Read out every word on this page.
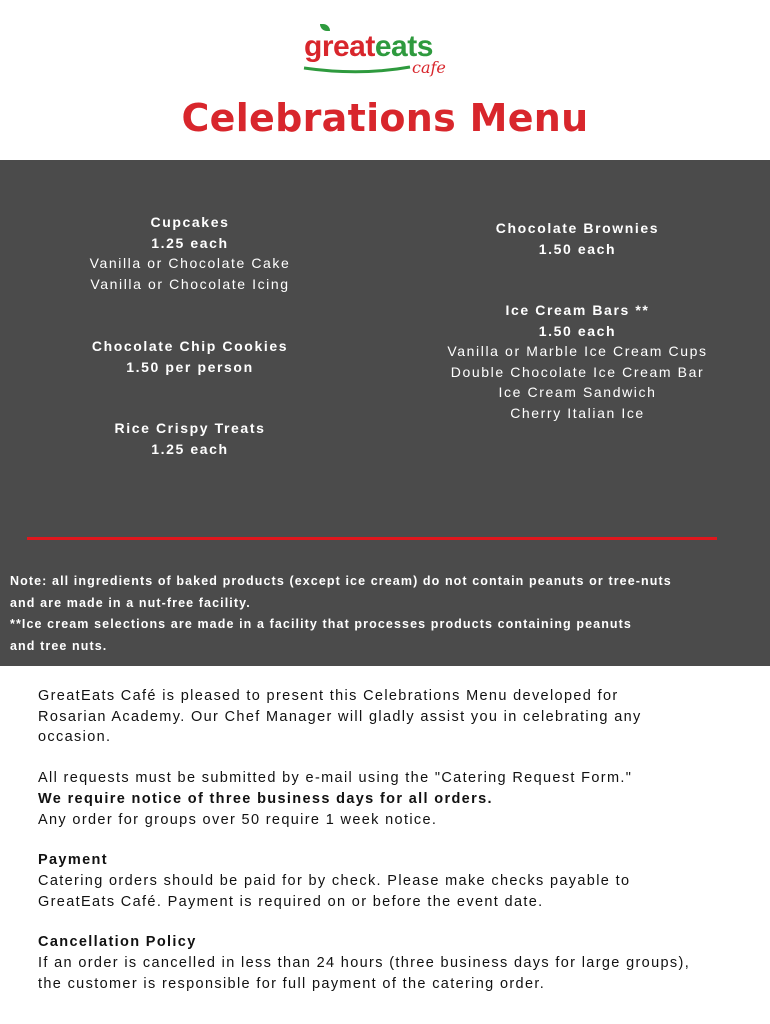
greateats
cafe
Celebrations Menu
Cupcakes
1.25 each
Vanilla or Chocolate Cake
Vanilla or Chocolate Icing
Chocolate Chip Cookies
1.50 per person
Rice Crispy Treats
1.25 each
Chocolate Brownies
1.50 each
Ice Cream Bars **
1.50 each
Vanilla or Marble Ice Cream Cups
Double Chocolate Ice Cream Bar
Ice Cream Sandwich
Cherry Italian Ice
Note: all ingredients of baked products (except ice cream) do not contain peanuts or tree-nuts
and are made in a nut-free facility.
**Ice cream selections are made in a facility that processes products containing peanuts
and tree nuts.

GreatEats Café is pleased to present this Celebrations Menu developed for

Rosarian Academy. Our Chef Manager will gladly assist you in celebrating any

occasion.

All requests must be submitted by e-mail using the "Catering Request Form."

We require notice of three business days for all orders.

Any order for groups over 50 require 1 week notice.

Payment

Catering orders should be paid for by check. Please make checks payable to

GreatEats Café. Payment is required on or before the event date.

Cancellation Policy

If an order is cancelled in less than 24 hours (three business days for large groups),

the customer is responsible for full payment of the catering order.
